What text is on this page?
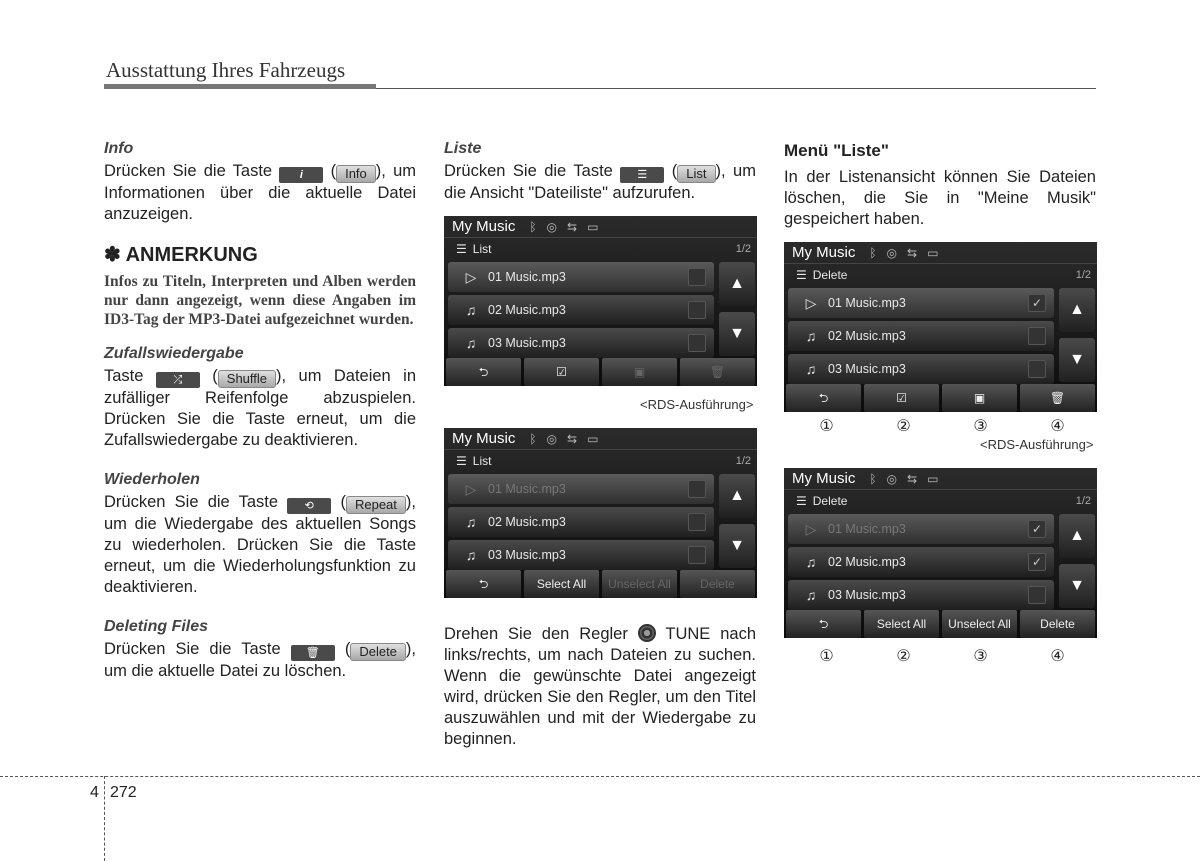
Ausstattung Ihres Fahrzeugs
Info
Drücken Sie die Taste	i ( Info ), um Informationen über die aktuelle Datei anzuzeigen.
✽ ANMERKUNG
Infos zu Titeln, Interpreten und Alben werden nur dann angezeigt, wenn diese Angaben im ID3-Tag der MP3-Datei aufgezeichnet wurden.
Zufallswiedergabe
Taste	⤮ ( Shuffle ), um Dateien in zufälliger Reifenfolge abzuspielen. Drücken Sie die Taste erneut, um die Zufallswiedergabe zu deaktivieren.
Wiederholen
Drücken Sie die Taste ⟲ ( Repeat ), um die Wiedergabe des aktuellen Songs zu wiederholen. Drücken Sie die Taste erneut, um die Wiederholungsfunktion zu deaktivieren.
Deleting Files
Drücken Sie die Taste 🗑 ( Delete ), um die aktuelle Datei zu löschen.
Liste
Drücken Sie die Taste ☰ ( List ), um die Ansicht "Dateiliste" aufzurufen.
My Music ᛒ ◎ ⇆ ▭
☰ List	1/2
▷ 01 Music.mp3
♫ 02 Music.mp3
♫ 03 Music.mp3
▲
▼
⮌	☑	▣	🗑
<RDS-Ausführung>
My Music ᛒ ◎ ⇆ ▭
☰ List	1/2
▷ 01 Music.mp3
♫ 02 Music.mp3
♫ 03 Music.mp3
▲
▼
⮌	Select All	Unselect All	Delete
Drehen Sie den Regler TUNE nach links/rechts, um nach Dateien zu suchen. Wenn die gewünschte Datei angezeigt wird, drücken Sie den Regler, um den Titel auszuwählen und mit der Wiedergabe zu beginnen.
Menü "Liste"
In der Listenansicht können Sie Dateien löschen, die Sie in "Meine Musik" gespeichert haben.
My Music ᛒ ◎ ⇆ ▭
☰ Delete	1/2
▷ 01 Music.mp3	✓
♫ 02 Music.mp3
♫ 03 Music.mp3
▲
▼
⮌	☑	▣	🗑
①	②	③	④
<RDS-Ausführung>
My Music ᛒ ◎ ⇆ ▭
☰ Delete	1/2
▷ 01 Music.mp3	✓
♫ 02 Music.mp3	✓
♫ 03 Music.mp3
▲
▼
⮌	Select All	Unselect All	Delete
①	②	③	④
4 272
